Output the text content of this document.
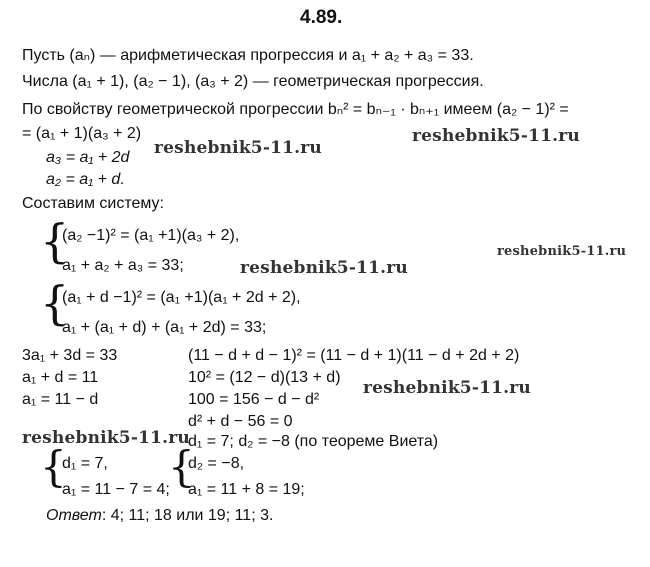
4.89.
Пусть (aₙ) — арифметическая прогрессия и a₁ + a₂ + a₃ = 33.
Числа (a₁ + 1), (a₂ − 1), (a₃ + 2) — геометрическая прогрессия.
По свойству геометрической прогрессии bₙ² = bₙ₋₁ · bₙ₊₁ имеем (a₂ − 1)² =
= (a₁ + 1)(a₃ + 2)
a₃ = a₁ + 2d
a₂ = a₁ + d.
Составим систему:
{
(a₂ −1)² = (a₁ +1)(a₃ + 2),
a₁ + a₂ + a₃ = 33;
{
(a₁ + d −1)² = (a₁ +1)(a₁ + 2d + 2),
a₁ + (a₁ + d) + (a₁ + 2d) = 33;
3a₁ + 3d = 33
a₁ + d = 11
a₁ = 11 − d
(11 − d + d − 1)² = (11 − d + 1)(11 − d + 2d + 2)
10² = (12 − d)(13 + d)
100 = 156 − d − d²
d² + d − 56 = 0
d₁ = 7; d₂ = −8 (по теореме Виета)
{
d₁ = 7,
a₁ = 11 − 7 = 4;
{
d₂ = −8,
a₁ = 11 + 8 = 19;
Ответ: 4; 11; 18 или 19; 11; 3.
reshebnik5-11.ru
reshebnik5-11.ru
reshebnik5-11.ru
reshebnik5-11.ru
reshebnik5-11.ru
reshebnik5-11.ru
